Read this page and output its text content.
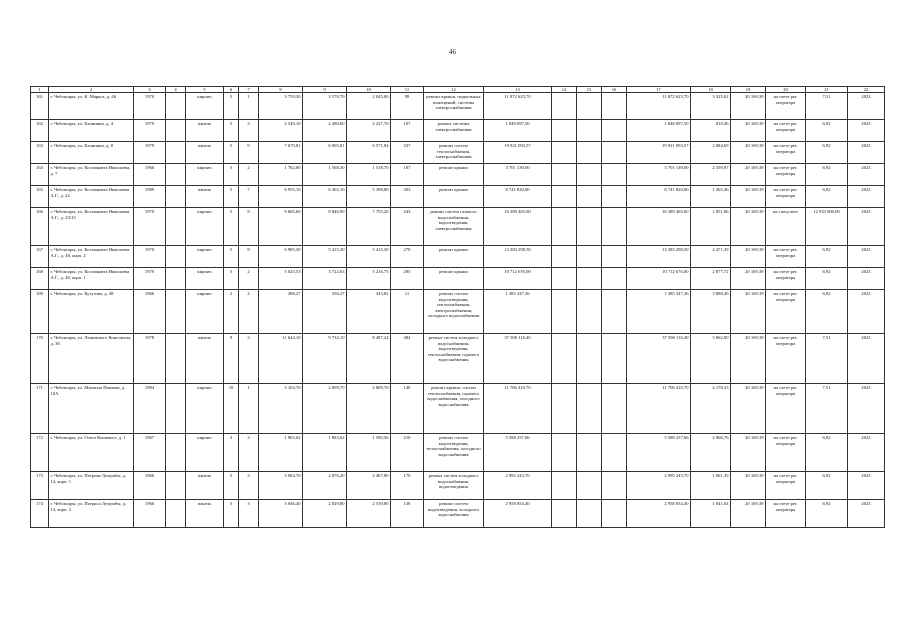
46
1	2	3	4	5	6	7	8	9	10	11	12	13	14	15	16	17	18	19	20	21	22
161	г. Чебоксары, ул. К. Маркса, д. 46	1970		кирпич	5	1	3 759,30	3 570,70	2 045,00	98	ремонт крыши, подвальных помещений, системы электроснабжения	11 872 625,70				11 872 625,70	3 325,02	20 169,39	на счете рег. оператора	7,51	2023
162	г. Чебоксары, ул. Калинина, д. 4	1979		панель	5	3	2 549,10	2 280,60	2 227,70	107	ремонт системы электроснабжения	1 848 097,50				1 848 097,50	810,36	20 169,39	на счете рег. оператора	6,92	2023
163	г. Чебоксары, ул. Калинина, д. 8	1979		панель	5	9	7 670,81	6 905,81	6 571,84	337	ремонт систем теплоснабжения, электроснабжения	19 921 093,57				19 921 093,57	2 884,69	20 169,39	на счете рег. оператора	6,92	2023
164	г. Чебоксары, ул. Космонавта Николаева, д. 7	1966		кирпич	5	2	1 762,00	1 568,30	1 518,70	107	ремонт крыши	3 701 139,00				3 701 139,00	2 359,97	20 169,39	на счете рег. оператора	6,92	2023
165	г. Чебоксары, ул. Космонавта Николаева А.Г., д. 22	1989		панель	5	7	6 955,10	6 402,10	5 398,80	303	ремонт крыши	8 741 820,00				8 741 820,00	1 365,46	20 169,39	на счете рег. оператора	6,92	2023
166	г. Чебоксары, ул. Космонавта Николаева А.Г., д. 23/15	1970		кирпич	5	8	9 665,60	8 846,90	7 755,20	243	ремонт систем газового водоснабжения, водоотведения, электроснабжения	16 389 465,60				16 389 465,60	1 851,86	20 169,39	на спецсчете	12 933 000,00	2023
167	г. Чебоксары, ул. Космонавта Николаева А.Г., д. 48, корп. 2	1970		кирпич	5	8	6 985,30	5 415,30	5 415,30	278	ремонт крыши	13 383 298,50				13 383 298,50	2 471,39	20 169,39	на счете рег. оператора	6,92	2023
168	г. Чебоксары, ул. Космонавта Николаева А.Г., д. 48, корп. 1	1970		кирпич	5	2	5 023,53	3 722,63	5 216,75	285	ремонт крыши	10 712 676,00				10 712 676,00	2 877,72	20 169,39	на счете рег. оператора	6,92	2023
169	г. Чебоксары, ул. Кутузова, д. 48	1966		кирпич	2	2	388,27	356,27	343,82	11	ремонт систем водоотведения, теплоснабжения, электроснабжения, холодного водоснабжения	1 385 347,36				1 385 347,36	3 888,49	20 169,39	на счете рег. оператора	6,92	2023
170	г. Чебоксары, ул. Ленинского Комсомола, д. 38	1978		панель	9	3	11 644,10	9 732,10	8 487,24	482	ремонт систем холодного водоснабжения, водоотведения, теплоснабжения, горячего водоснабжения	37 596 116,40				37 596 116,40	3 862,90	20 169,39	на счете рег. оператора	7,51	2023
171	г. Чебоксары, ул. Михаила Павлова, д. 10А	1994		кирпич	10	1	3 104,70	2 809,70	2 809,70	140	ремонт крыши, систем теплоснабжения, горячего водоснабжения, холодного водоснабжения	11 706 410,70				11 706 410,70	4 178,33	20 169,39	на счете рег. оператора	7,51	2023
172	г. Чебоксары, ул. Олега Кошевого, д. 1	1967		кирпич	3	3	1 965,62	1 883,62	1 590,56	210	ремонт систем водоотведения, теплоснабжения, холодного водоснабжения	5 588 257,66				5 588 257,66	2 966,76	20 169,39	на счете рег. оператора	6,92	2023
173	г. Чебоксары, ул. Петрова Лумумбы, д. 14, корп. 1	1966		панель	5	3	3 084,70	2 876,20	2 407,80	170	ремонт систем холодного водоснабжения, водоотведения	2 995 243,70				2 995 243,70	1 061,39	20 169,39	на счете рег. оператора	6,92	2023
174	г. Чебоксары, ул. Патриса Лумумбы, д. 14, корп. 2	1966		панель	5	3	3 046,40	2 829,80	2 539,80	138	ремонт систем водоотведения, холодного водоснабжения	2 958 054,40				2 958 054,40	1 041,64	20 169,39	на счете рег. оператора	6,92	2023
